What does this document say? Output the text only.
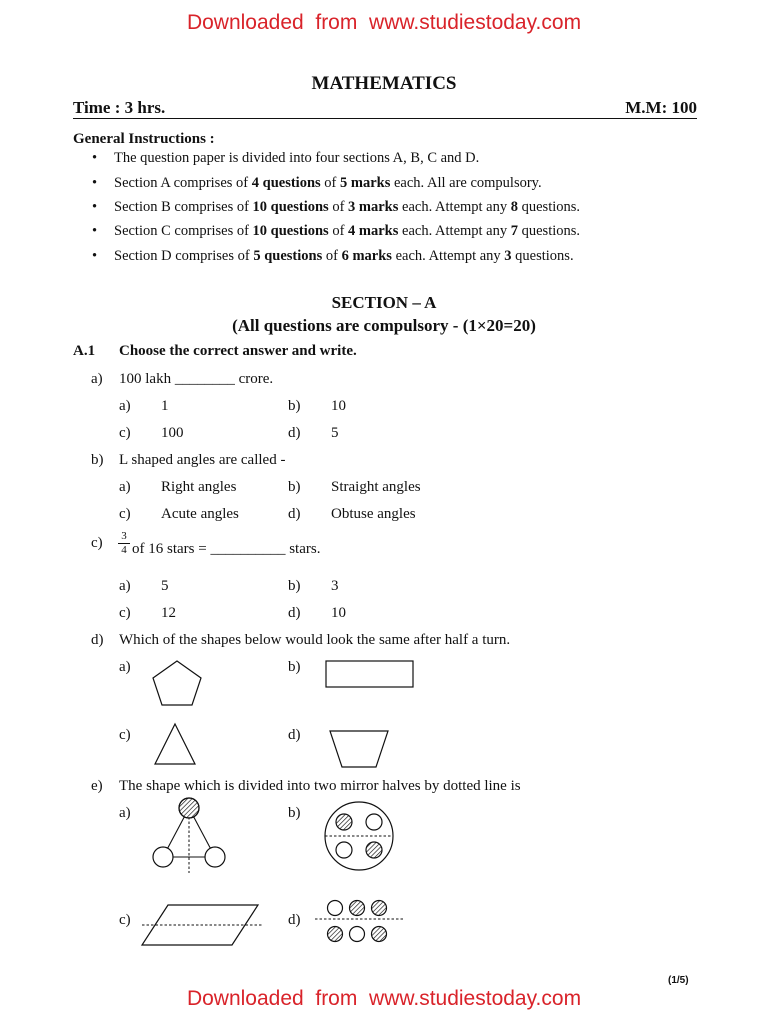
Downloaded  from  www.studiestoday.com
MATHEMATICS
Time : 3 hrs.	M.M: 100
General Instructions :
• The question paper is divided into four sections A, B, C and D.
• Section A comprises of 4 questions of 5 marks each. All are compulsory.
• Section B comprises of 10 questions of 3 marks each. Attempt any 8 questions.
• Section C comprises of 10 questions of 4 marks each. Attempt any 7 questions.
• Section D comprises of 5 questions of 6 marks each. Attempt any 3 questions.
SECTION – A
(All questions are compulsory - (1×20=20)
A.1 Choose the correct answer and write.
a) 100 lakh ________ crore.
a) 1	b) 10
c) 100	d) 5
b) L shaped angles are called -
a) Right angles	b) Straight angles
c) Acute angles	d) Obtuse angles
c)	3
4 of 16 stars = __________ stars.
a) 5	b) 3
c) 12	d) 10
d) Which of the shapes below would look the same after half a turn.
a)	b)
c)	d)
e) The shape which is divided into two mirror halves by dotted line is
a)	b)
c)	d)
(1/5)
Downloaded  from  www.studiestoday.com
